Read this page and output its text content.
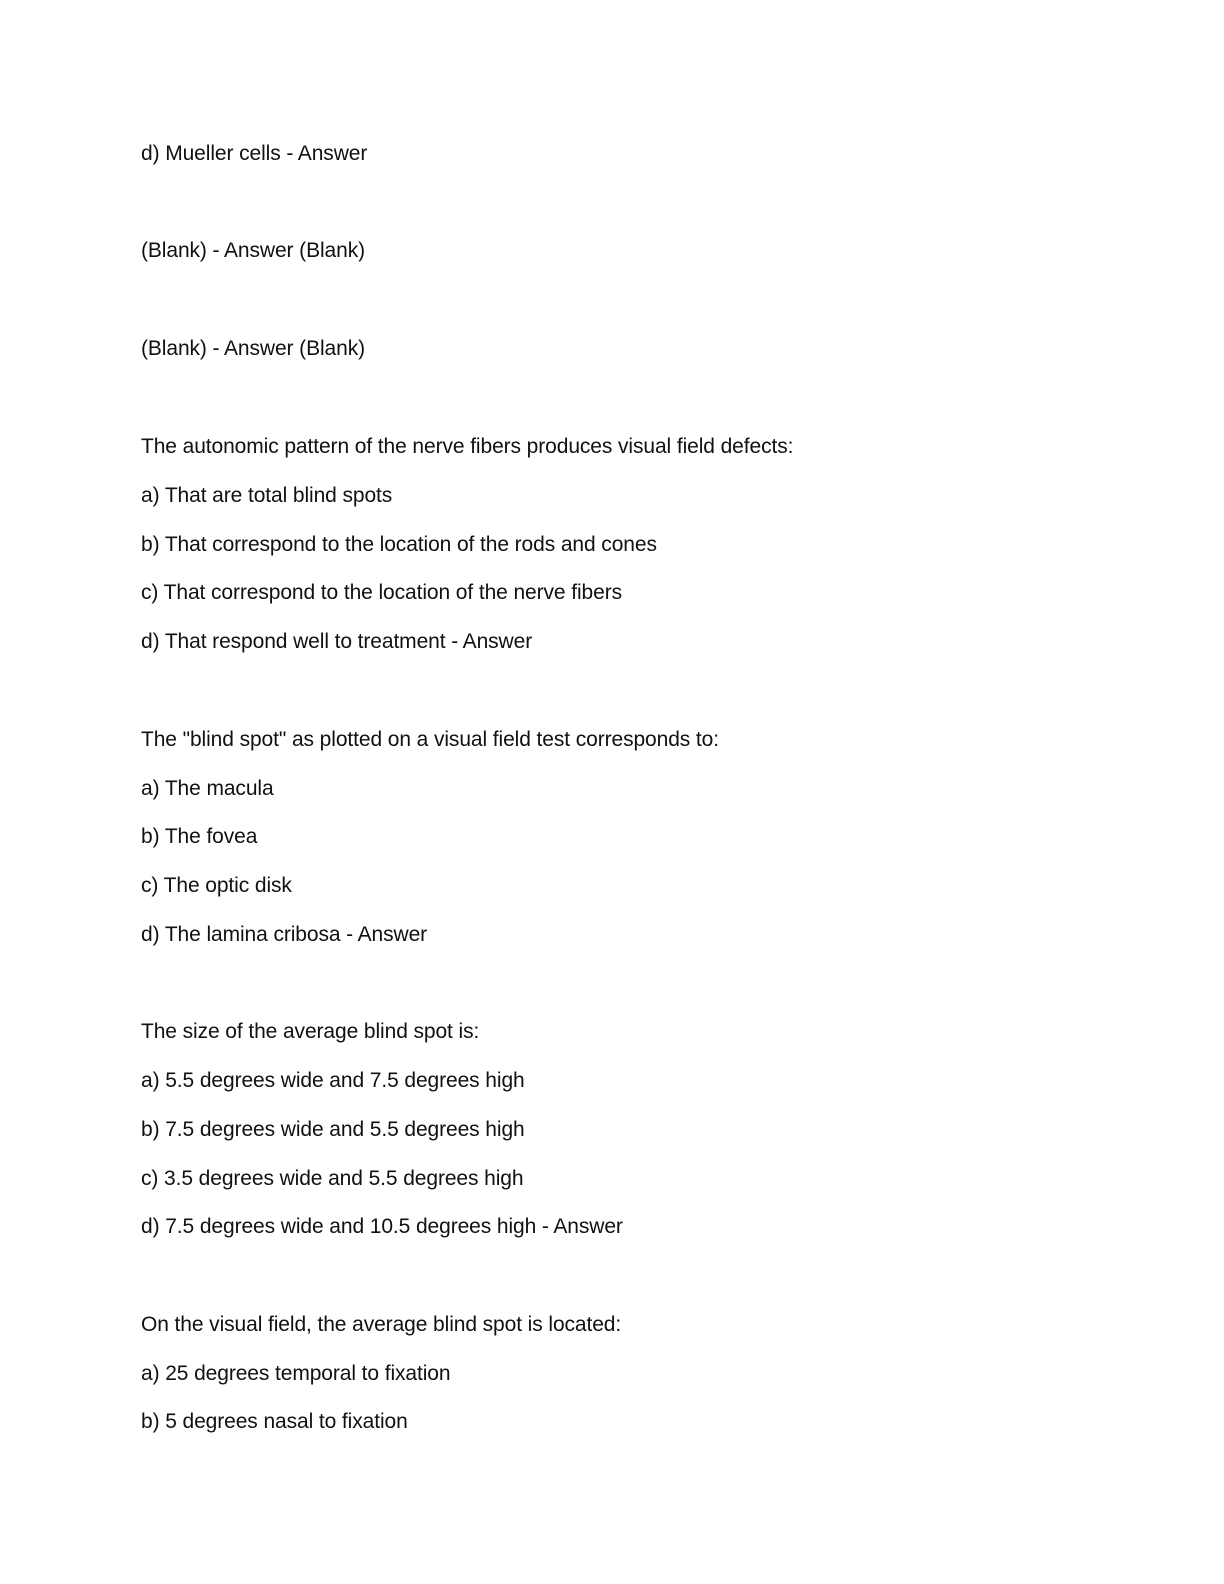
d) Mueller cells - Answer
(Blank) - Answer (Blank)
(Blank) - Answer (Blank)
The autonomic pattern of the nerve fibers produces visual field defects:
a) That are total blind spots
b) That correspond to the location of the rods and cones
c) That correspond to the location of the nerve fibers
d) That respond well to treatment - Answer
The "blind spot" as plotted on a visual field test corresponds to:
a) The macula
b) The fovea
c) The optic disk
d) The lamina cribosa - Answer
The size of the average blind spot is:
a) 5.5 degrees wide and 7.5 degrees high
b) 7.5 degrees wide and 5.5 degrees high
c) 3.5 degrees wide and 5.5 degrees high
d) 7.5 degrees wide and 10.5 degrees high - Answer
On the visual field, the average blind spot is located:
a) 25 degrees temporal to fixation
b) 5 degrees nasal to fixation
